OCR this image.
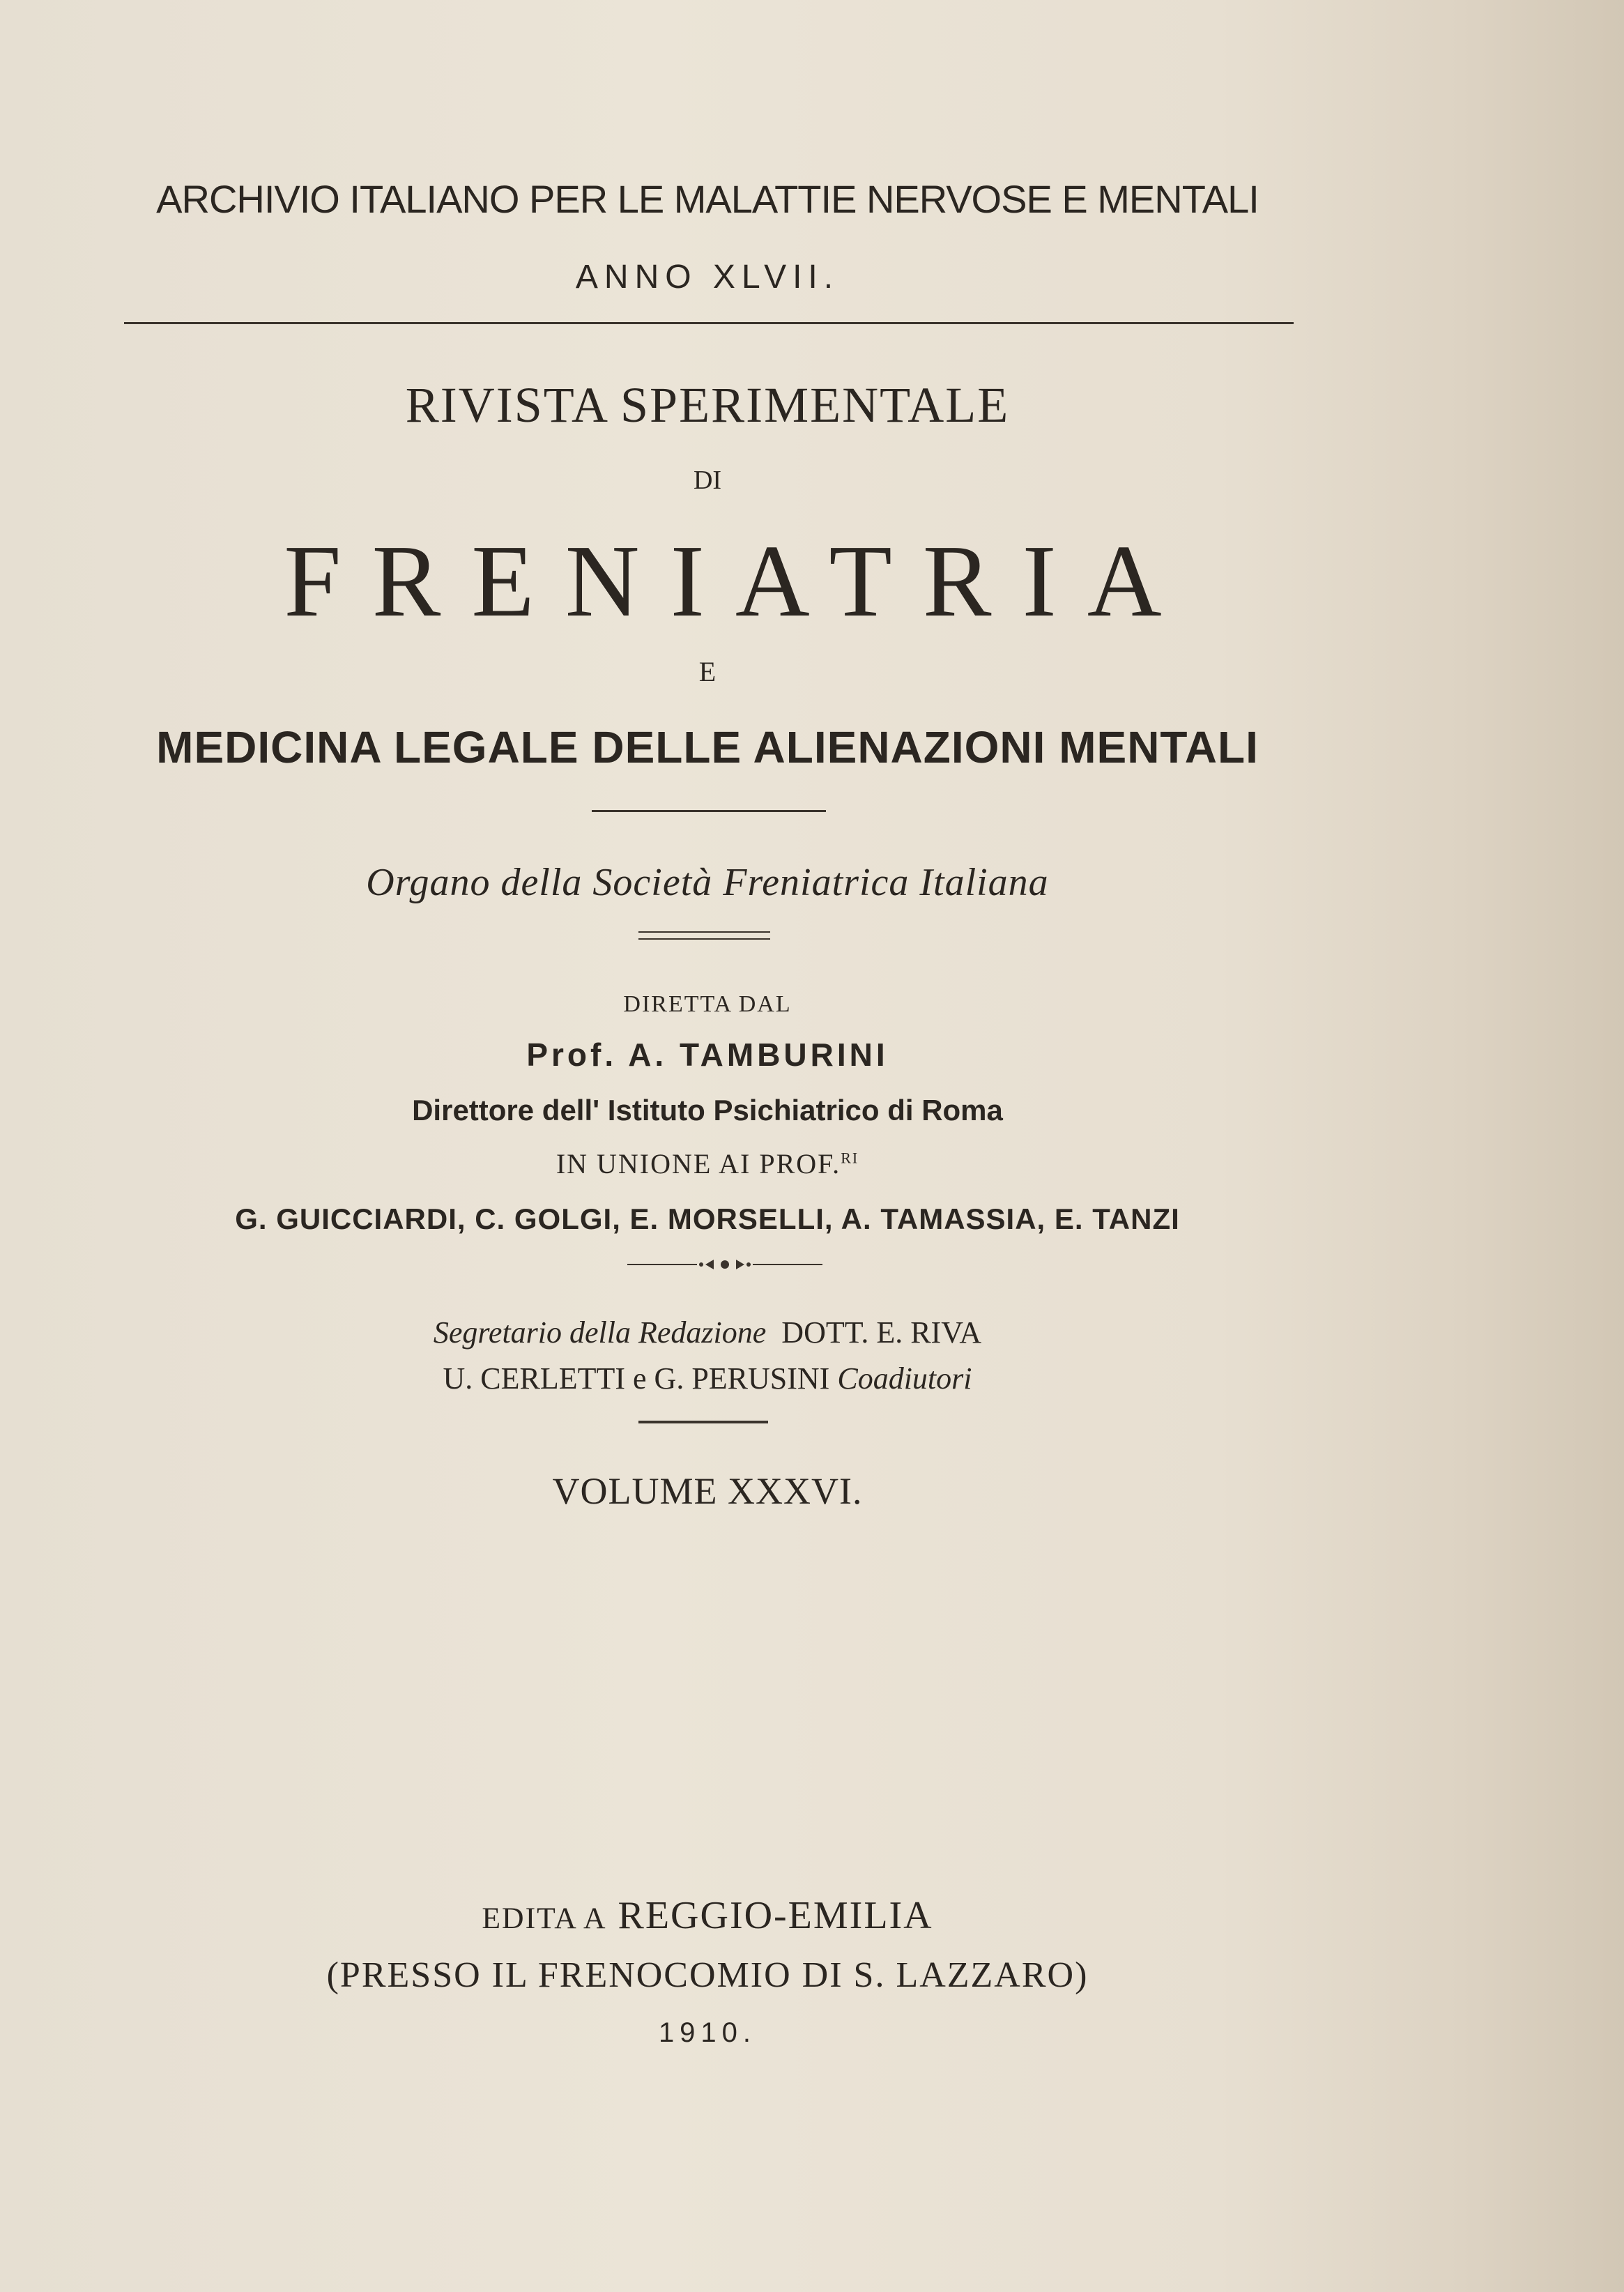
ARCHIVIO ITALIANO PER LE MALATTIE NERVOSE E MENTALI
ANNO XLVII.
RIVISTA SPERIMENTALE
DI
FRENIATRIA
E
MEDICINA LEGALE DELLE ALIENAZIONI MENTALI
Organo della Società Freniatrica Italiana
DIRETTA DAL
Prof. A. TAMBURINI
Direttore dell' Istituto Psichiatrico di Roma
IN UNIONE AI PROF.$^{RI}$
G. GUICCIARDI, C. GOLGI, E. MORSELLI, A. TAMASSIA, E. TANZI
Segretario della Redazione DOTT. E. RIVA
U. CERLETTI e G. PERUSINI Coadiutori
VOLUME XXXVI.
EDITA A REGGIO-EMILIA
(PRESSO IL FRENOCOMIO DI S. LAZZARO)
1910.
